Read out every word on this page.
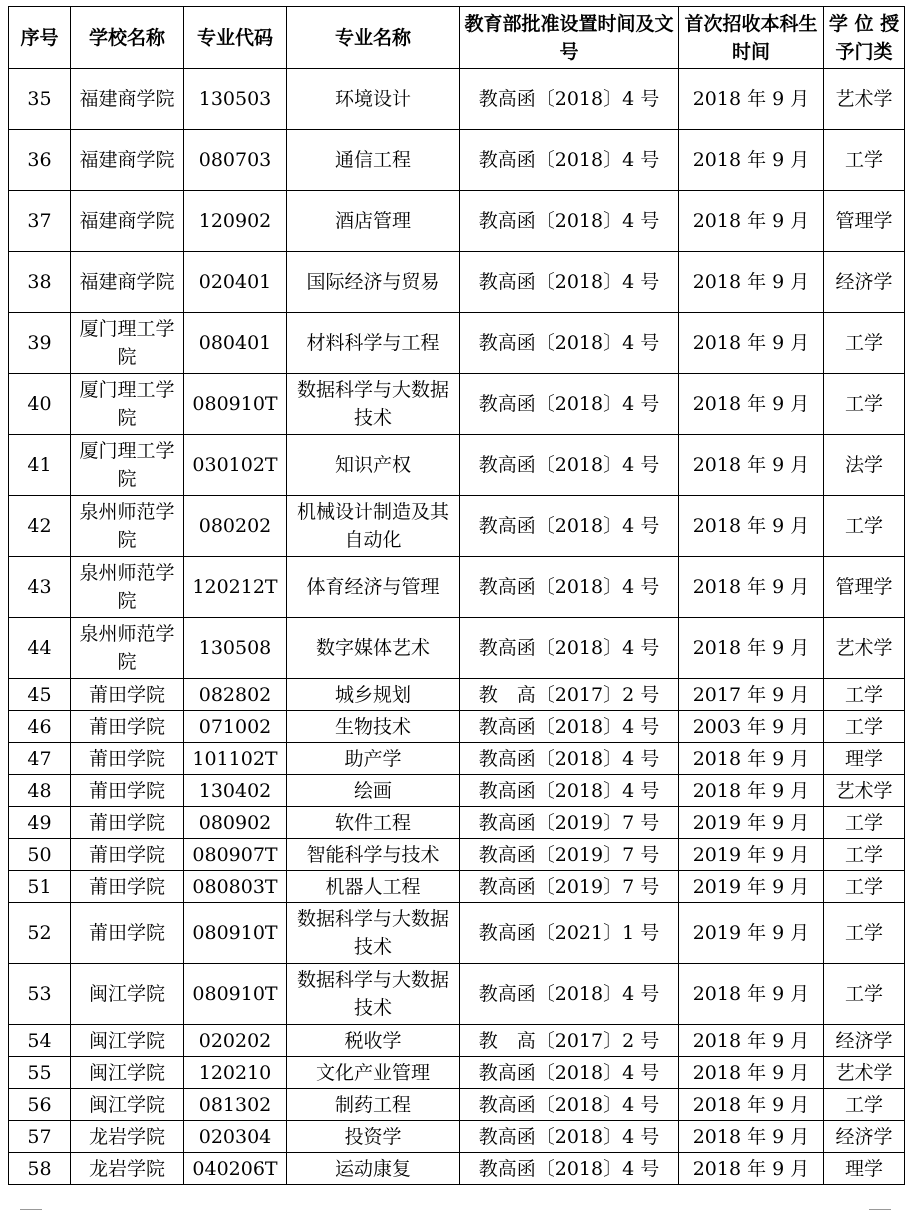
序号	学校名称	专业代码	专业名称	教育部批准设置时间及文号	首次招收本科生时间	学 位 授予门类
35	福建商学院	130503	环境设计	教高函〔2018〕4 号	2018 年 9 月	艺术学
36	福建商学院	080703	通信工程	教高函〔2018〕4 号	2018 年 9 月	工学
37	福建商学院	120902	酒店管理	教高函〔2018〕4 号	2018 年 9 月	管理学
38	福建商学院	020401	国际经济与贸易	教高函〔2018〕4 号	2018 年 9 月	经济学
39	厦门理工学院	080401	材料科学与工程	教高函〔2018〕4 号	2018 年 9 月	工学
40	厦门理工学院	080910T	数据科学与大数据技术	教高函〔2018〕4 号	2018 年 9 月	工学
41	厦门理工学院	030102T	知识产权	教高函〔2018〕4 号	2018 年 9 月	法学
42	泉州师范学院	080202	机械设计制造及其自动化	教高函〔2018〕4 号	2018 年 9 月	工学
43	泉州师范学院	120212T	体育经济与管理	教高函〔2018〕4 号	2018 年 9 月	管理学
44	泉州师范学院	130508	数字媒体艺术	教高函〔2018〕4 号	2018 年 9 月	艺术学
45	莆田学院	082802	城乡规划	教　高〔2017〕2 号	2017 年 9 月	工学
46	莆田学院	071002	生物技术	教高函〔2018〕4 号	2003 年 9 月	工学
47	莆田学院	101102T	助产学	教高函〔2018〕4 号	2018 年 9 月	理学
48	莆田学院	130402	绘画	教高函〔2018〕4 号	2018 年 9 月	艺术学
49	莆田学院	080902	软件工程	教高函〔2019〕7 号	2019 年 9 月	工学
50	莆田学院	080907T	智能科学与技术	教高函〔2019〕7 号	2019 年 9 月	工学
51	莆田学院	080803T	机器人工程	教高函〔2019〕7 号	2019 年 9 月	工学
52	莆田学院	080910T	数据科学与大数据技术	教高函〔2021〕1 号	2019 年 9 月	工学
53	闽江学院	080910T	数据科学与大数据技术	教高函〔2018〕4 号	2018 年 9 月	工学
54	闽江学院	020202	税收学	教　高〔2017〕2 号	2018 年 9 月	经济学
55	闽江学院	120210	文化产业管理	教高函〔2018〕4 号	2018 年 9 月	艺术学
56	闽江学院	081302	制药工程	教高函〔2018〕4 号	2018 年 9 月	工学
57	龙岩学院	020304	投资学	教高函〔2018〕4 号	2018 年 9 月	经济学
58	龙岩学院	040206T	运动康复	教高函〔2018〕4 号	2018 年 9 月	理学
